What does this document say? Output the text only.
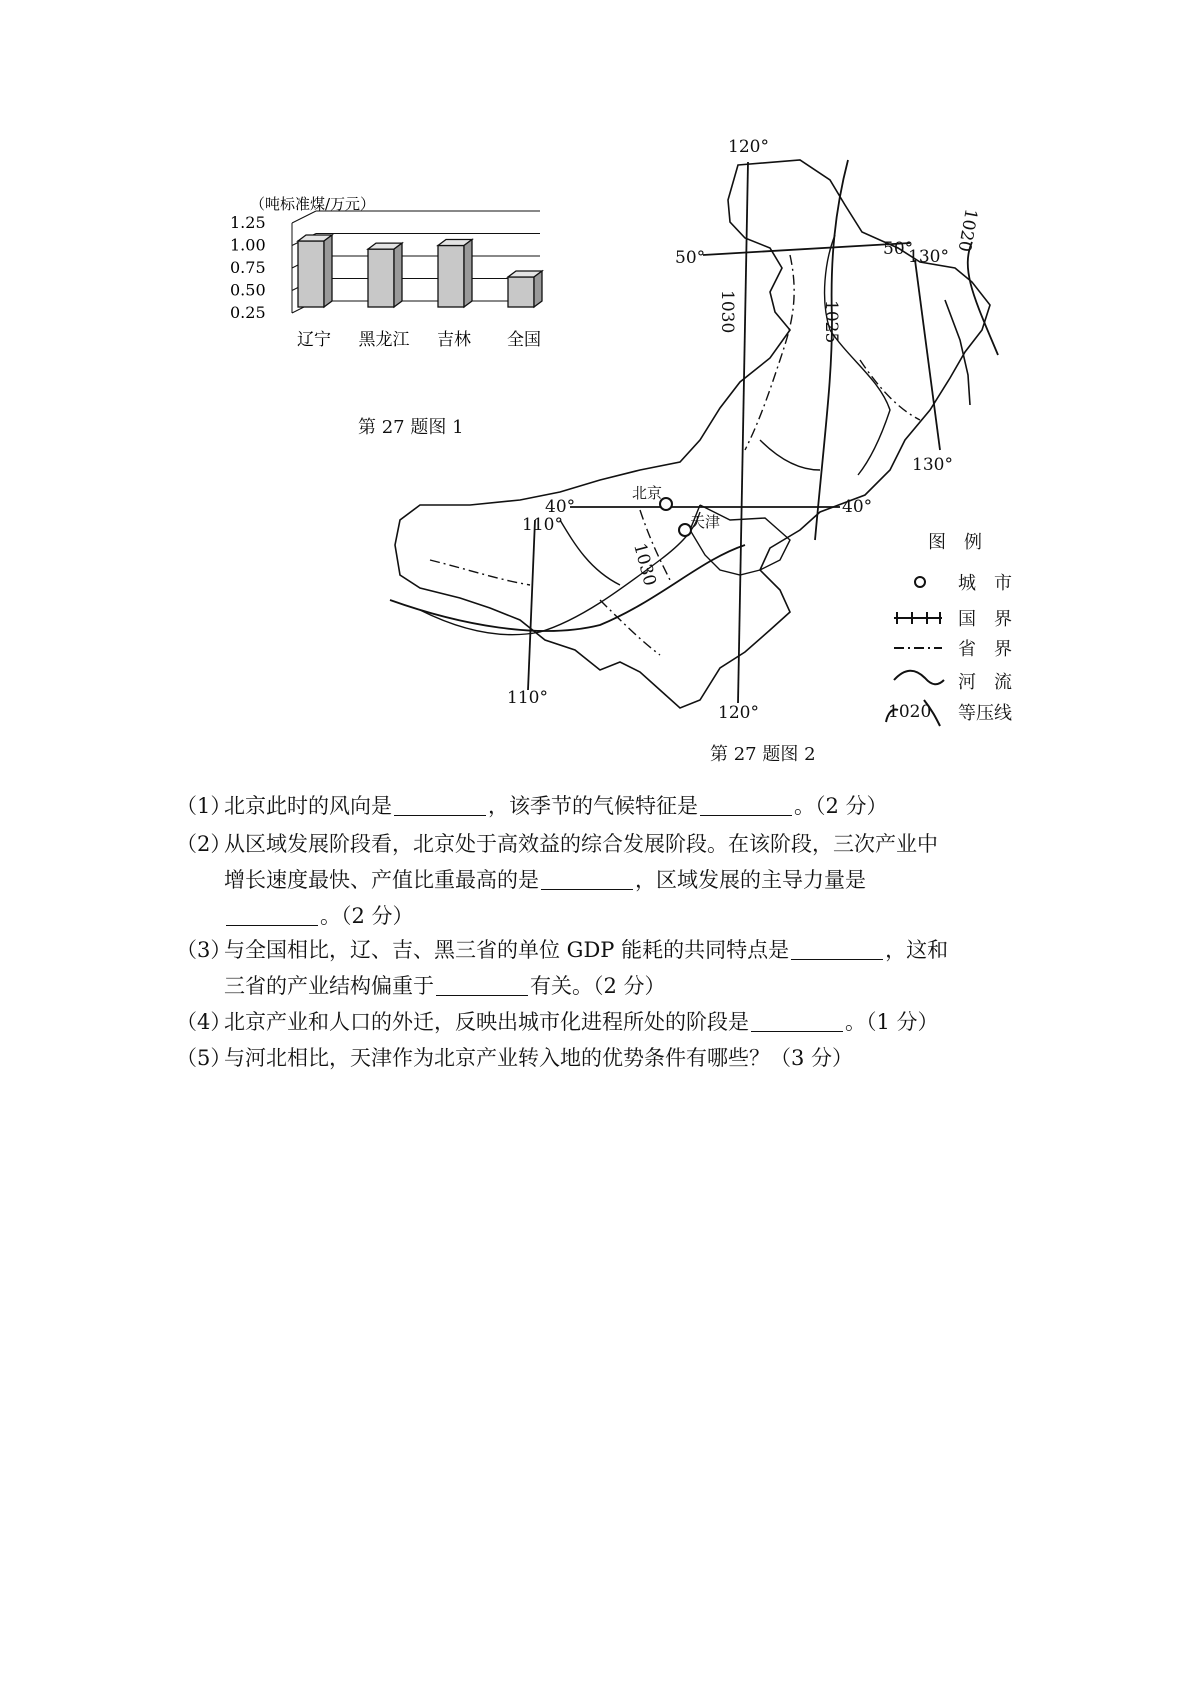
（吨标准煤/万元）
1.25
1.00
0.75
0.50
0.25
辽宁 黑龙江 吉林 全国
第 27 题图 1
120°
50°	50°
130°
130°
北京
天津
40°	40°
110°
110°
120°
1020
1030	1025
1030	图　例
城　市
国　界
省　界
河　流
1020 等压线
第 27 题图 2
（1）北京此时的风向是	，该季节的气候特征是	。（2 分）
（2）从区域发展阶段看，北京处于高效益的综合发展阶段。在该阶段，三次产业中
增长速度最快、产值比重最高的是	，区域发展的主导力量是
。（2 分）
（3）与全国相比，辽、吉、黑三省的单位 GDP 能耗的共同特点是	，这和
三省的产业结构偏重于	有关。（2 分）
（4）北京产业和人口的外迁，反映出城市化进程所处的阶段是	。（1 分）
（5）与河北相比，天津作为北京产业转入地的优势条件有哪些？（3 分）
